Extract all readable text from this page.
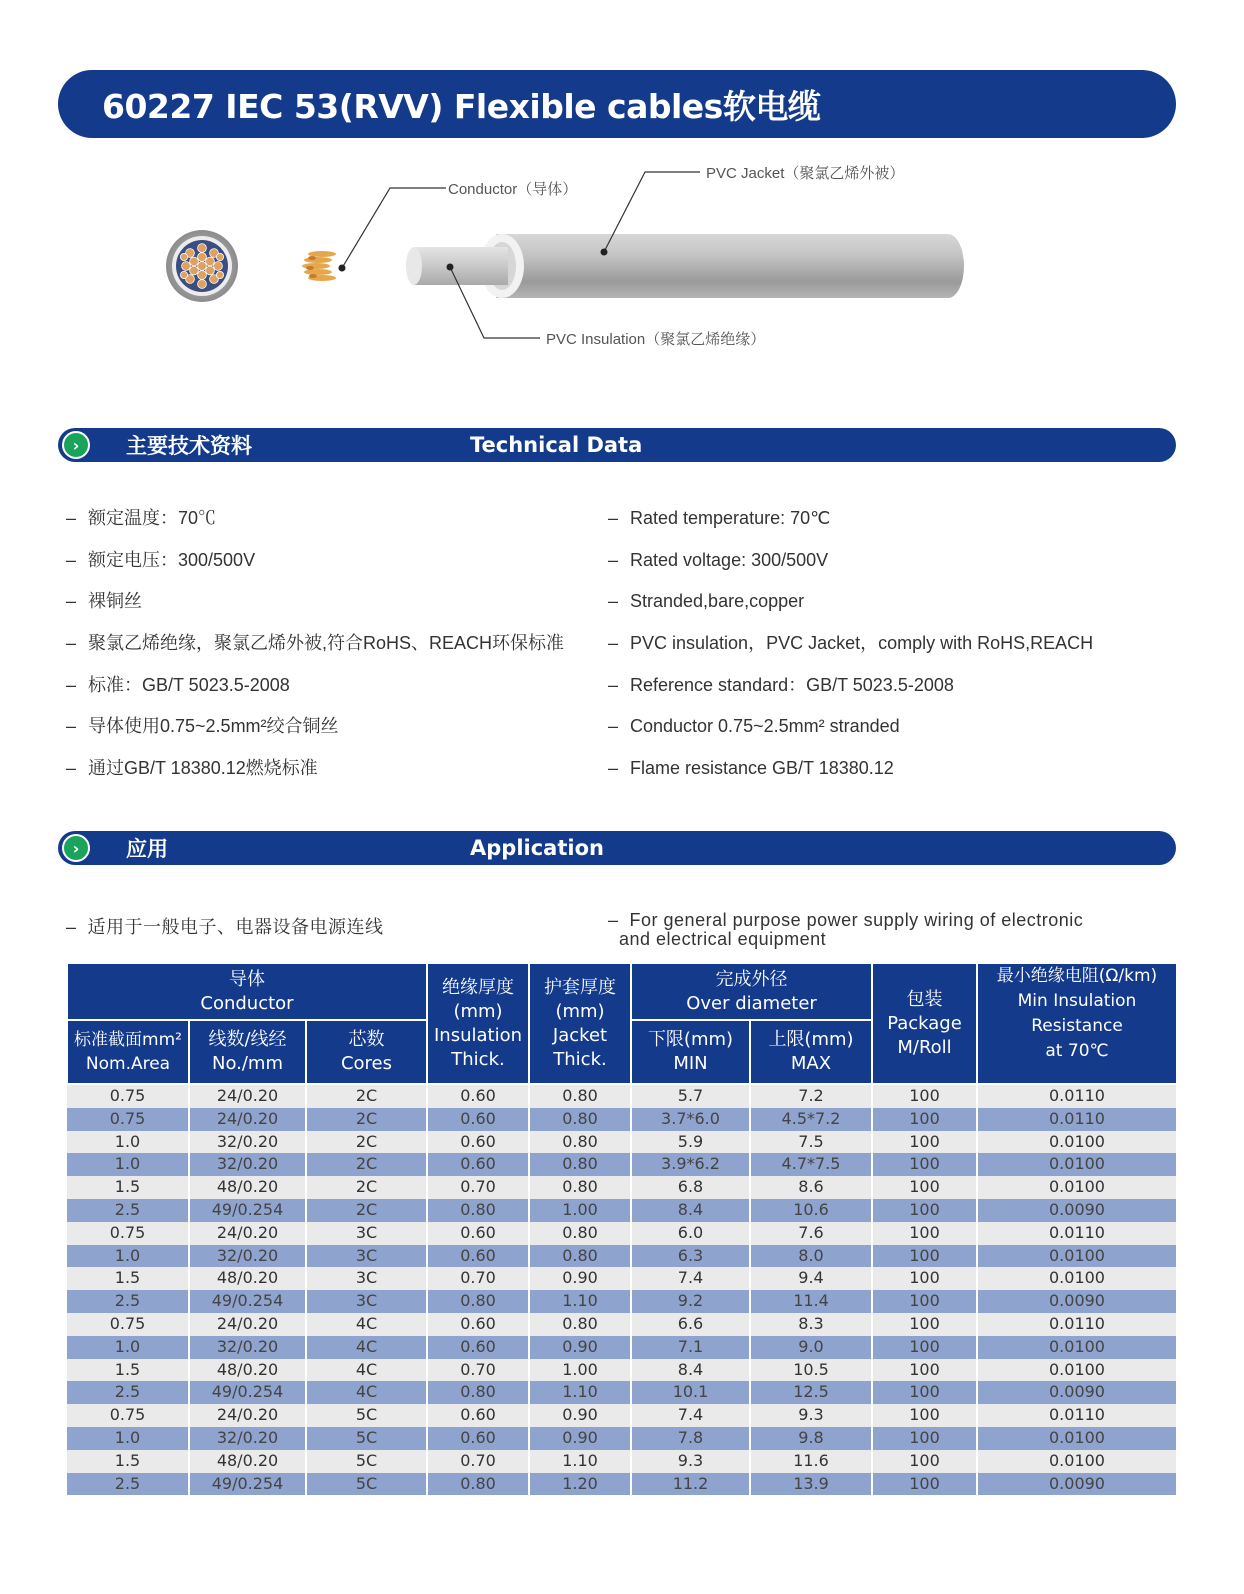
60227 IEC 53(RVV) Flexible cables软电缆
Conductor（导体）
PVC Jacket（聚氯乙烯外被）
PVC Insulation（聚氯乙烯绝缘）
›	主要技术资料	Technical Data
– 额定温度：70℃
– 额定电压：300/500V
– 裸铜丝
– 聚氯乙烯绝缘，聚氯乙烯外被,符合RoHS、REACH环保标准
– 标准：GB/T 5023.5-2008
– 导体使用0.75~2.5mm²绞合铜丝
– 通过GB/T 18380.12燃烧标准
– Rated temperature: 70℃
– Rated voltage: 300/500V
– Stranded,bare,copper
– PVC insulation，PVC Jacket，comply with RoHS,REACH
– Reference standard：GB/T 5023.5-2008
– Conductor 0.75~2.5mm² stranded
– Flame resistance GB/T 18380.12
›	应用	Application
– 适用于一般电子、电器设备电源连线	– For general purpose power supply wiring of electronic
and electrical equipment
导体
Conductor			绝缘厚度
(mm)
Insulation
Thick.	护套厚度
(mm)
Jacket
Thick.	完成外径
Over diameter		包装
Package
M/Roll	最小绝缘电阻(Ω/km)
Min Insulation
Resistance
at 70℃
标准截面mm²
Nom.Area	线数/线经
No./mm	芯数
Cores			下限(mm)
MIN	上限(mm)
MAX		
0.75	24/0.20	2C	0.60	0.80	5.7	7.2	100	0.0110
0.75	24/0.20	2C	0.60	0.80	3.7*6.0	4.5*7.2	100	0.0110
1.0	32/0.20	2C	0.60	0.80	5.9	7.5	100	0.0100
1.0	32/0.20	2C	0.60	0.80	3.9*6.2	4.7*7.5	100	0.0100
1.5	48/0.20	2C	0.70	0.80	6.8	8.6	100	0.0100
2.5	49/0.254	2C	0.80	1.00	8.4	10.6	100	0.0090
0.75	24/0.20	3C	0.60	0.80	6.0	7.6	100	0.0110
1.0	32/0.20	3C	0.60	0.80	6.3	8.0	100	0.0100
1.5	48/0.20	3C	0.70	0.90	7.4	9.4	100	0.0100
2.5	49/0.254	3C	0.80	1.10	9.2	11.4	100	0.0090
0.75	24/0.20	4C	0.60	0.80	6.6	8.3	100	0.0110
1.0	32/0.20	4C	0.60	0.90	7.1	9.0	100	0.0100
1.5	48/0.20	4C	0.70	1.00	8.4	10.5	100	0.0100
2.5	49/0.254	4C	0.80	1.10	10.1	12.5	100	0.0090
0.75	24/0.20	5C	0.60	0.90	7.4	9.3	100	0.0110
1.0	32/0.20	5C	0.60	0.90	7.8	9.8	100	0.0100
1.5	48/0.20	5C	0.70	1.10	9.3	11.6	100	0.0100
2.5	49/0.254	5C	0.80	1.20	11.2	13.9	100	0.0090
